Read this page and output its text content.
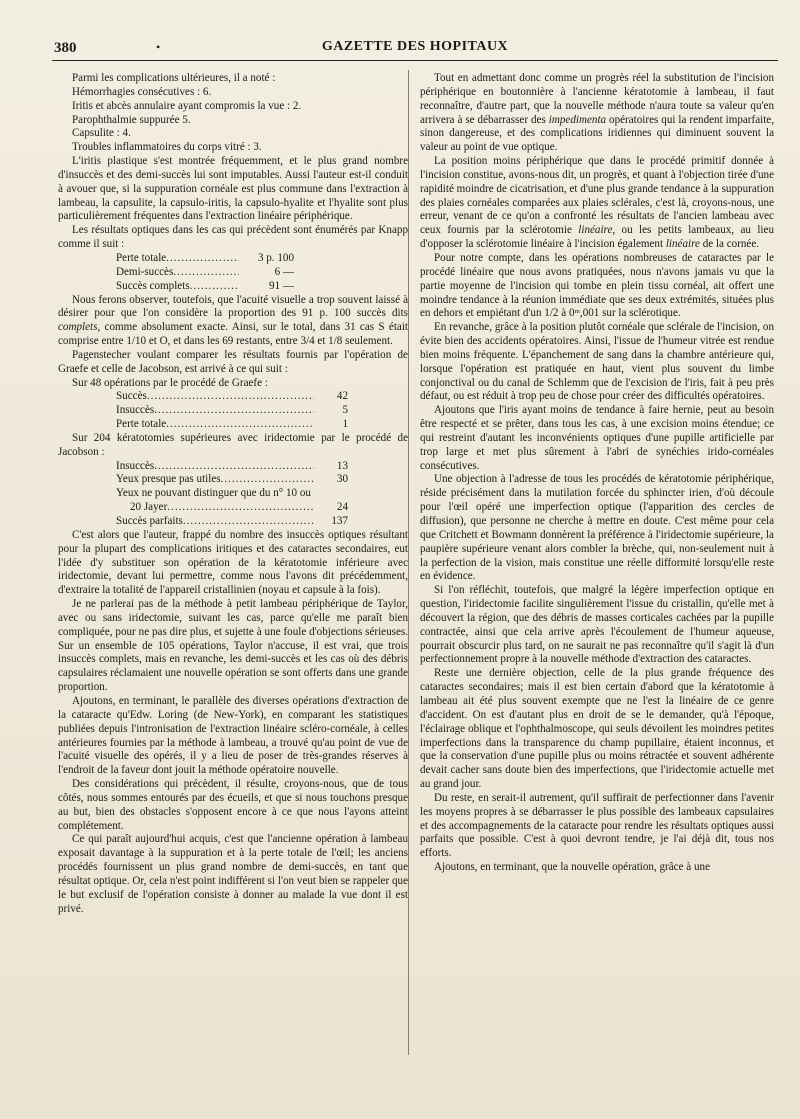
380	•	GAZETTE DES HOPITAUX

Parmi les complications ultérieures, il a noté :

Hémorrhagies consécutives : 6.
Iritis et abcès annulaire ayant compromis la vue : 2.
Parophthalmie suppurée 5.
Capsulite : 4.
Troubles inflammatoires du corps vitré : 3.

L'iritis plastique s'est montrée fréquemment, et le plus grand nombre d'insuccès et des demi-succès lui sont imputables. Aussi l'auteur est-il conduit à avouer que, si la suppuration cornéale est plus commune dans l'extraction à lambeau, la capsulite, la capsulo-iritis, la capsulo-hyalite et l'hyalite sont plus particulièrement fréquentes dans l'extraction linéaire périphérique.

Les résultats optiques dans les cas qui précèdent sont énumérés par Knapp comme il suit :

Perte totale .....	3 p. 100
Demi-succès .....	6 —
Succès complets .....	91 —

Nous ferons observer, toutefois, que l'acuité visuelle a trop souvent laissé à désirer pour que l'on considère la proportion des 91 p. 100 succès dits complets, comme absolument exacte. Ainsi, sur le total, dans 31 cas S était comprise entre 1/10 et O, et dans les 69 restants, entre 3/4 et 1/8 seulement.

Pagenstecher voulant comparer les résultats fournis par l'opération de Graefe et celle de Jacobson, est arrivé à ce qui suit :

Sur 48 opérations par le procédé de Graefe :

Succès .....	42
Insuccès .....	5
Perte totale .....	1

Sur 204 kératotomies supérieures avec iridectomie par le procédé de Jacobson :

Insuccès .....	13
Yeux presque pas utiles .....	30
Yeux ne pouvant distinguer que du n° 10 ou
20 Jayer .....	24
Succès parfaits .....	137

C'est alors que l'auteur, frappé du nombre des insuccès optiques résultant pour la plupart des complications iritiques et des cataractes secondaires, eut l'idée d'y substituer son opération de la kératotomie inférieure avec iridectomie, devant lui permettre, comme nous l'avons dit précédemment, d'extraire la totalité de l'appareil cristallinien (noyau et capsule à la fois).

Je ne parlerai pas de la méthode à petit lambeau périphérique de Taylor, avec ou sans iridectomie, suivant les cas, parce qu'elle me paraît bien compliquée, pour ne pas dire plus, et sujette à une foule d'objections sérieuses. Sur un ensemble de 105 opérations, Taylor n'accuse, il est vrai, que trois insuccès complets, mais en revanche, les demi-succès et les cas où des débris capsulaires réclamaient une nouvelle opération se sont offerts dans une grande proportion.

Ajoutons, en terminant, le parallèle des diverses opérations d'extraction de la cataracte qu'Edw. Loring (de New-York), en comparant les statistiques publiées depuis l'intronisation de l'extraction linéaire scléro-cornéale, à celles antérieures fournies par la méthode à lambeau, a trouvé qu'au point de vue de l'acuité visuelle des opérés, il y a lieu de poser de très-grandes réserves à l'endroit de la faveur dont jouit la méthode opératoire nouvelle.

Des considérations qui précèdent, il résulte, croyons-nous, que de tous côtés, nous sommes entourés par des écueils, et que si nous touchons presque au but, bien des obstacles s'opposent encore à ce que nous l'ayons atteint complétement.

Ce qui paraît aujourd'hui acquis, c'est que l'ancienne opération à lambeau exposait davantage à la suppuration et à la perte totale de l'œil; les anciens procédés fournissent un plus grand nombre de demi-succès, en tant que résultat optique. Or, cela n'est point indifférent si l'on veut bien se rappeler que le but exclusif de l'opération consiste à donner au malade la vue dont il est privé.

Tout en admettant donc comme un progrès réel la substitution de l'incision périphérique en boutonnière à l'ancienne kératotomie à lambeau, il faut reconnaître, d'autre part, que la nouvelle méthode n'aura toute sa valeur qu'en arrivera à se débarrasser des impedimenta opératoires qui la rendent imparfaite, sinon dangereuse, et des complications iridiennes qui diminuent souvent la valeur au point de vue optique.

La position moins périphérique que dans le procédé primitif donnée à l'incision constitue, avons-nous dit, un progrès, et quant à l'objection tirée d'une rapidité moindre de cicatrisation, et d'une plus grande tendance à la suppuration des plaies cornéales comparées aux plaies sclérales, c'est là, croyons-nous, une erreur, venant de ce qu'on a confronté les résultats de l'ancien lambeau avec ceux fournis par la sclérotomie linéaire, ou les petits lambeaux, au lieu d'opposer la sclérotomie linéaire à l'incision également linéaire de la cornée.

Pour notre compte, dans les opérations nombreuses de cataractes par le procédé linéaire que nous avons pratiquées, nous n'avons jamais vu que la partie moyenne de l'incision qui tombe en plein tissu cornéal, ait offert une moindre tendance à la réunion immédiate que ses deux extrémités, situées plus en dehors et empiétant d'un 1/2 à 0ᵐ,001 sur la sclérotique.

En revanche, grâce à la position plutôt cornéale que sclérale de l'incision, on évite bien des accidents opératoires. Ainsi, l'issue de l'humeur vitrée est rendue bien moins fréquente. L'épanchement de sang dans la chambre antérieure qui, lorsque l'opération est pratiquée en haut, vient plus souvent du limbe conjonctival ou du canal de Schlemm que de l'excision de l'iris, fait à peu près défaut, ou est réduit à trop peu de chose pour créer des difficultés opératoires.

Ajoutons que l'iris ayant moins de tendance à faire hernie, peut au besoin être respecté et se prêter, dans tous les cas, à une excision moins étendue; ce qui restreint d'autant les inconvénients optiques d'une pupille artificielle par trop large et met plus sûrement à l'abri de synéchies irido-cornéales consécutives.

Une objection à l'adresse de tous les procédés de kératotomie périphérique, réside précisément dans la mutilation forcée du sphincter irien, d'où découle pour l'œil opéré une imperfection optique (l'apparition des cercles de diffusion), que personne ne cherche à mettre en doute. C'est même pour cela que Critchett et Bowmann donnèrent la préférence à l'iridectomie supérieure, la paupière supérieure venant alors combler la brèche, qui, non-seulement nuit à la perfection de la vision, mais constitue une réelle difformité lorsqu'elle reste en évidence.

Si l'on réfléchit, toutefois, que malgré la légère imperfection optique en question, l'iridectomie facilite singulièrement l'issue du cristallin, qu'elle met à découvert la région, que des débris de masses corticales cachées par la pupille contractée, ainsi que cela arrive après l'écoulement de l'humeur aqueuse, pourrait obscurcir plus tard, on ne saurait ne pas reconnaître qu'il s'agit là d'un perfectionnement propre à la nouvelle méthode d'extraction des cataractes.

Reste une dernière objection, celle de la plus grande fréquence des cataractes secondaires; mais il est bien certain d'abord que la kératotomie à lambeau ait été plus souvent exempte que ne l'est la linéaire de ce genre d'accident. On est d'autant plus en droit de se le demander, qu'à l'époque, l'éclairage oblique et l'ophthalmoscope, qui seuls dévoilent les moindres petites imperfections dans la transparence du champ pupillaire, étaient inconnus, et que la conservation d'une pupille plus ou moins rétractée et souvent adhérente devait cacher sans doute bien des imperfections, que l'iridectomie actuelle met au grand jour.

Du reste, en serait-il autrement, qu'il suffirait de perfectionner dans l'avenir les moyens propres à se débarrasser le plus possible des lambeaux capsulaires et des accompagnements de la cataracte pour rendre les résultats optiques aussi parfaits que possible. C'est à quoi devront tendre, je l'ai déjà dit, tous nos efforts.

Ajoutons, en terminant, que la nouvelle opération, grâce à une
